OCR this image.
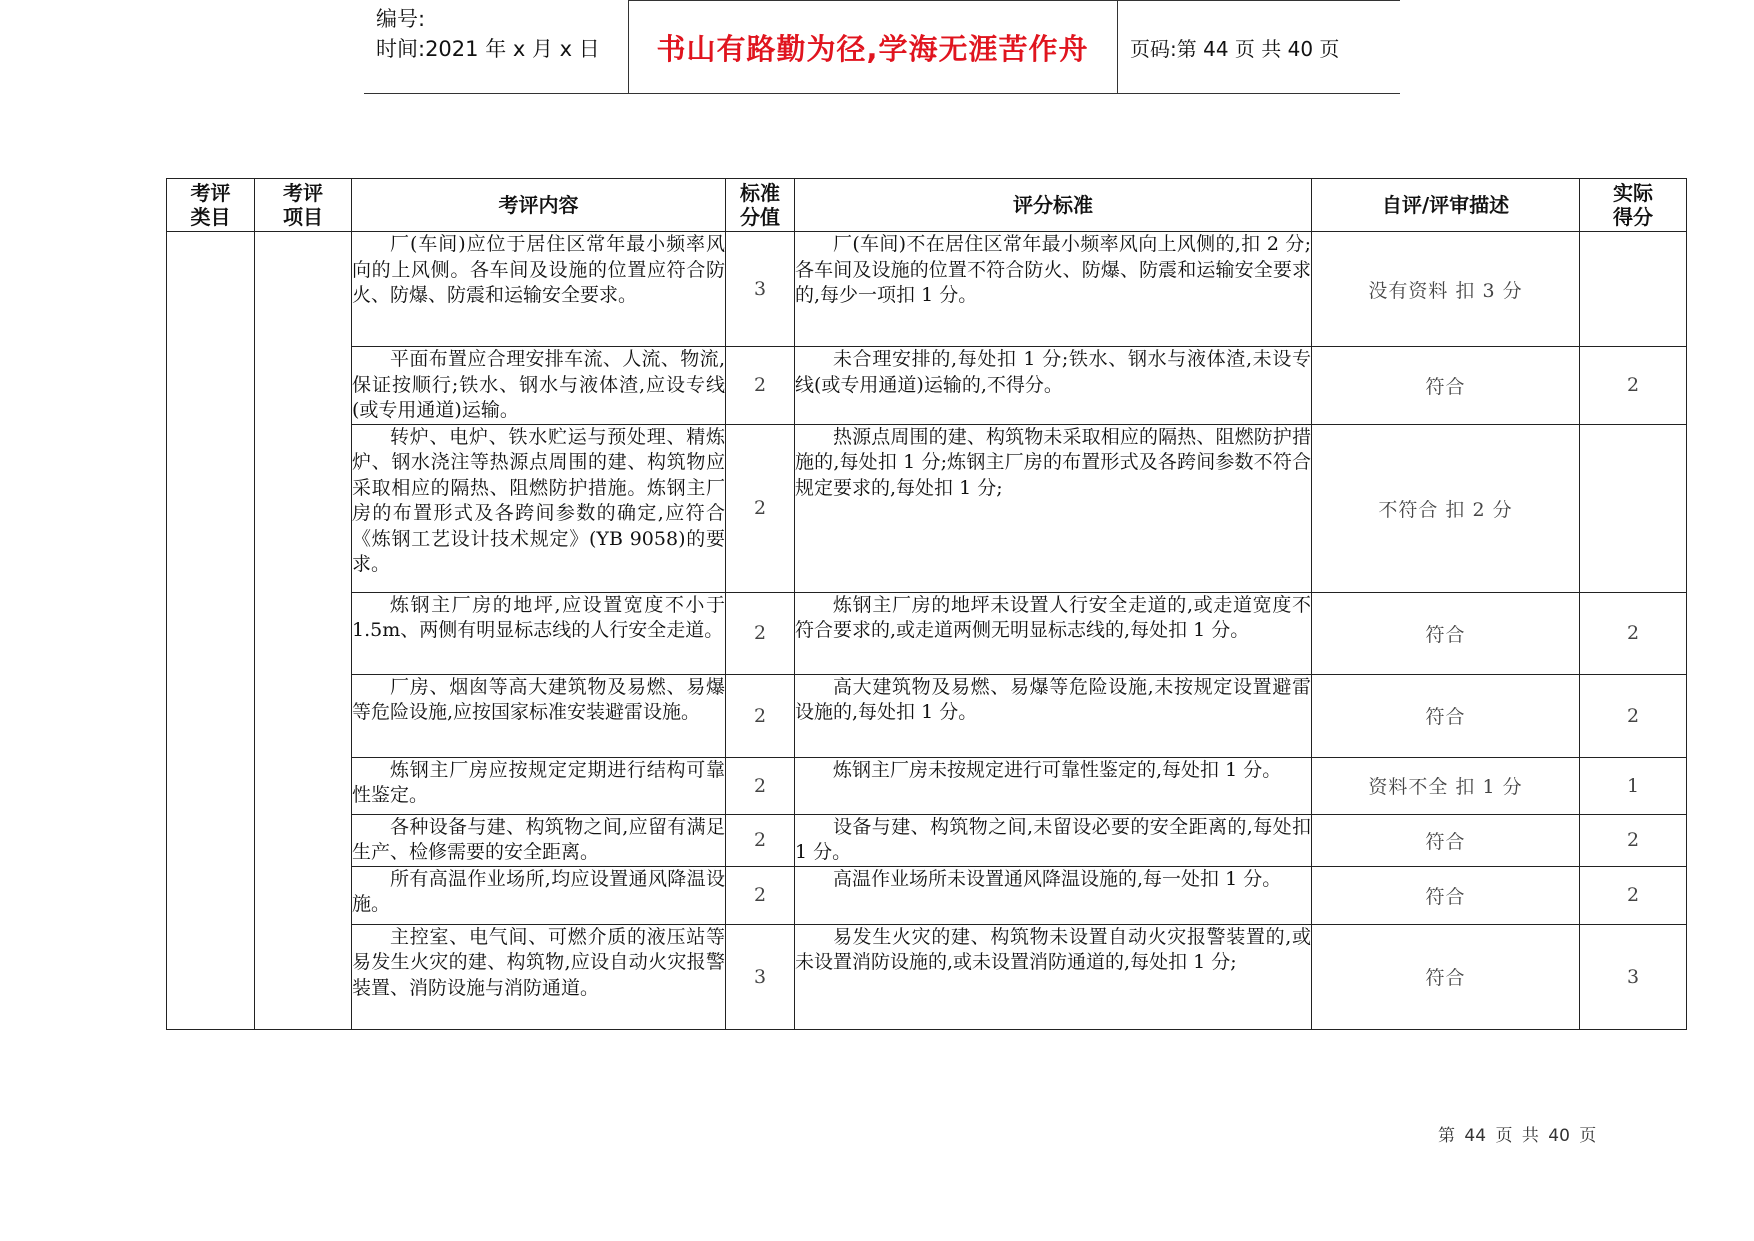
编号:
时间:2021 年 x 月 x 日	书山有路勤为径,学海无涯苦作舟	页码:第 44 页 共 40 页
考评类目	考评项目	考评内容	标准分值	评分标准	自评/评审描述	实际得分

		厂(车间)应位于居住区常年最小频率风向的上风侧。各车间及设施的位置应符合防火、防爆、防震和运输安全要求。	3	厂(车间)不在居住区常年最小频率风向上风侧的,扣 2 分;各车间及设施的位置不符合防火、防爆、防震和运输安全要求的,每少一项扣 1 分。	没有资料 扣 3 分	

		平面布置应合理安排车流、人流、物流,保证按顺行;铁水、钢水与液体渣,应设专线(或专用通道)运输。	2	未合理安排的,每处扣 1 分;铁水、钢水与液体渣,未设专线(或专用通道)运输的,不得分。	符合	2

		转炉、电炉、铁水贮运与预处理、精炼炉、钢水浇注等热源点周围的建、构筑物应采取相应的隔热、阻燃防护措施。炼钢主厂房的布置形式及各跨间参数的确定,应符合《炼钢工艺设计技术规定》(YB 9058)的要求。	2	热源点周围的建、构筑物未采取相应的隔热、阻燃防护措施的,每处扣 1 分;炼钢主厂房的布置形式及各跨间参数不符合规定要求的,每处扣 1 分;	不符合 扣 2 分	

		炼钢主厂房的地坪,应设置宽度不小于 1.5m、两侧有明显标志线的人行安全走道。	2	炼钢主厂房的地坪未设置人行安全走道的,或走道宽度不符合要求的,或走道两侧无明显标志线的,每处扣 1 分。	符合	2

		厂房、烟囱等高大建筑物及易燃、易爆等危险设施,应按国家标准安装避雷设施。	2	高大建筑物及易燃、易爆等危险设施,未按规定设置避雷设施的,每处扣 1 分。	符合	2

		炼钢主厂房应按规定定期进行结构可靠性鉴定。	2	炼钢主厂房未按规定进行可靠性鉴定的,每处扣 1 分。	资料不全 扣 1 分	1

		各种设备与建、构筑物之间,应留有满足生产、检修需要的安全距离。	2	设备与建、构筑物之间,未留设必要的安全距离的,每处扣 1 分。	符合	2

		所有高温作业场所,均应设置通风降温设施。	2	高温作业场所未设置通风降温设施的,每一处扣 1 分。	符合	2

		主控室、电气间、可燃介质的液压站等易发生火灾的建、构筑物,应设自动火灾报警装置、消防设施与消防通道。	3	易发生火灾的建、构筑物未设置自动火灾报警装置的,或未设置消防设施的,或未设置消防通道的,每处扣 1 分;	符合	3
第 44 页 共 40 页
